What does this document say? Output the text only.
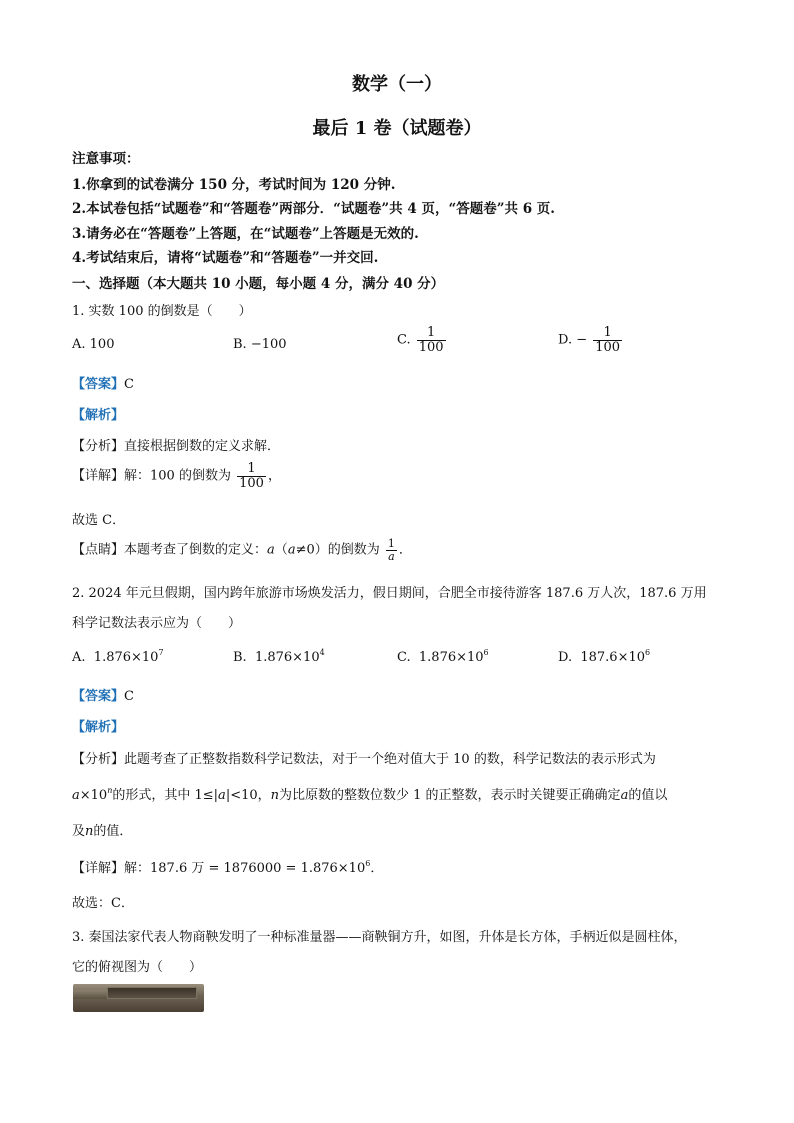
数学（一）
最后 1 卷（试题卷）
注意事项：
1.你拿到的试卷满分 150 分，考试时间为 120 分钟.
2.本试卷包括“试题卷”和“答题卷”两部分．“试题卷”共 4 页，“答题卷”共 6 页.
3.请务必在“答题卷”上答题，在“试题卷”上答题是无效的.
4.考试结束后，请将“试题卷”和“答题卷”一并交回.
一、选择题（本大题共 10 小题，每小题 4 分，满分 40 分）
1. 实数 100 的倒数是（　　）
A. 100	B. −100	C. $\frac{1}{100}$	D. − $\frac{1}{100}$
【答案】C
【解析】
【分析】直接根据倒数的定义求解．
【详解】解：100 的倒数为 $\frac{1}{100}$ ，
故选 C．
【点睛】本题考查了倒数的定义：a（a≠0）的倒数为 $\frac{1}{a}$ ．
2. 2024 年元旦假期，国内跨年旅游市场焕发活力，假日期间，合肥全市接待游客 187.6 万人次，187.6 万用
科学记数法表示应为（　　）
A. $1.876\times 10^7$	B. $1.876\times 10^4$	C. $1.876\times 10^6$	D. $187.6\times 10^6$
【答案】C
【解析】
【分析】此题考查了正整数指数科学记数法，对于一个绝对值大于 10 的数，科学记数法的表示形式为
$a\times 10^n$的形式，其中 1≤|a|<10，n为比原数的整数位数少 1 的正整数，表示时关键要正确确定a的值以
及n的值．
【详解】解：187.6 万 = $1876000 = 1.876\times 10^6$．
故选：C．
3. 秦国法家代表人物商鞅发明了一种标准量器——商鞅铜方升，如图，升体是长方体，手柄近似是圆柱体，
它的俯视图为（　　）
